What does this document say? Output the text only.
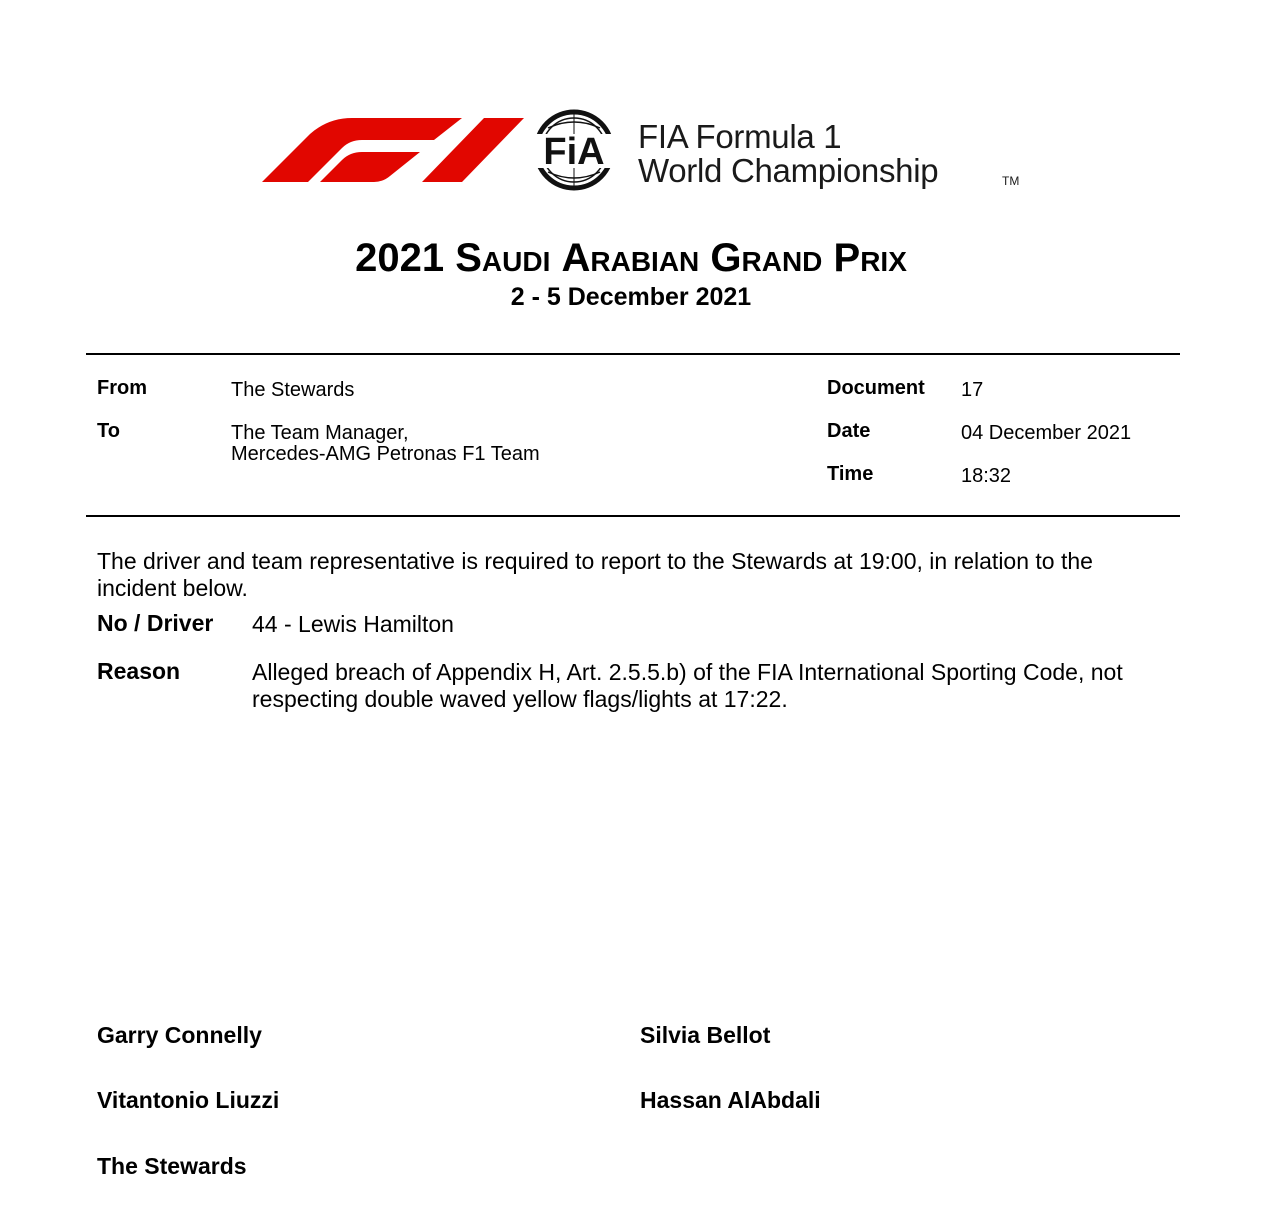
FiA FIA Formula 1
World Championship	TM
2021 Saudi Arabian Grand Prix
2 - 5 December 2021
From	The Stewards
To	The Team Manager,
Mercedes-AMG Petronas F1 Team
Document 17
Date	04 December 2021
Time	18:32
The driver and team representative is required to report to the Stewards at 19:00, in relation to the
incident below.
No / Driver 44 - Lewis Hamilton
Reason	Alleged breach of Appendix H, Art. 2.5.5.b) of the FIA International Sporting Code, not
respecting double waved yellow flags/lights at 17:22.
Garry Connelly	Silvia Bellot
Vitantonio Liuzzi	Hassan AlAbdali
The Stewards
